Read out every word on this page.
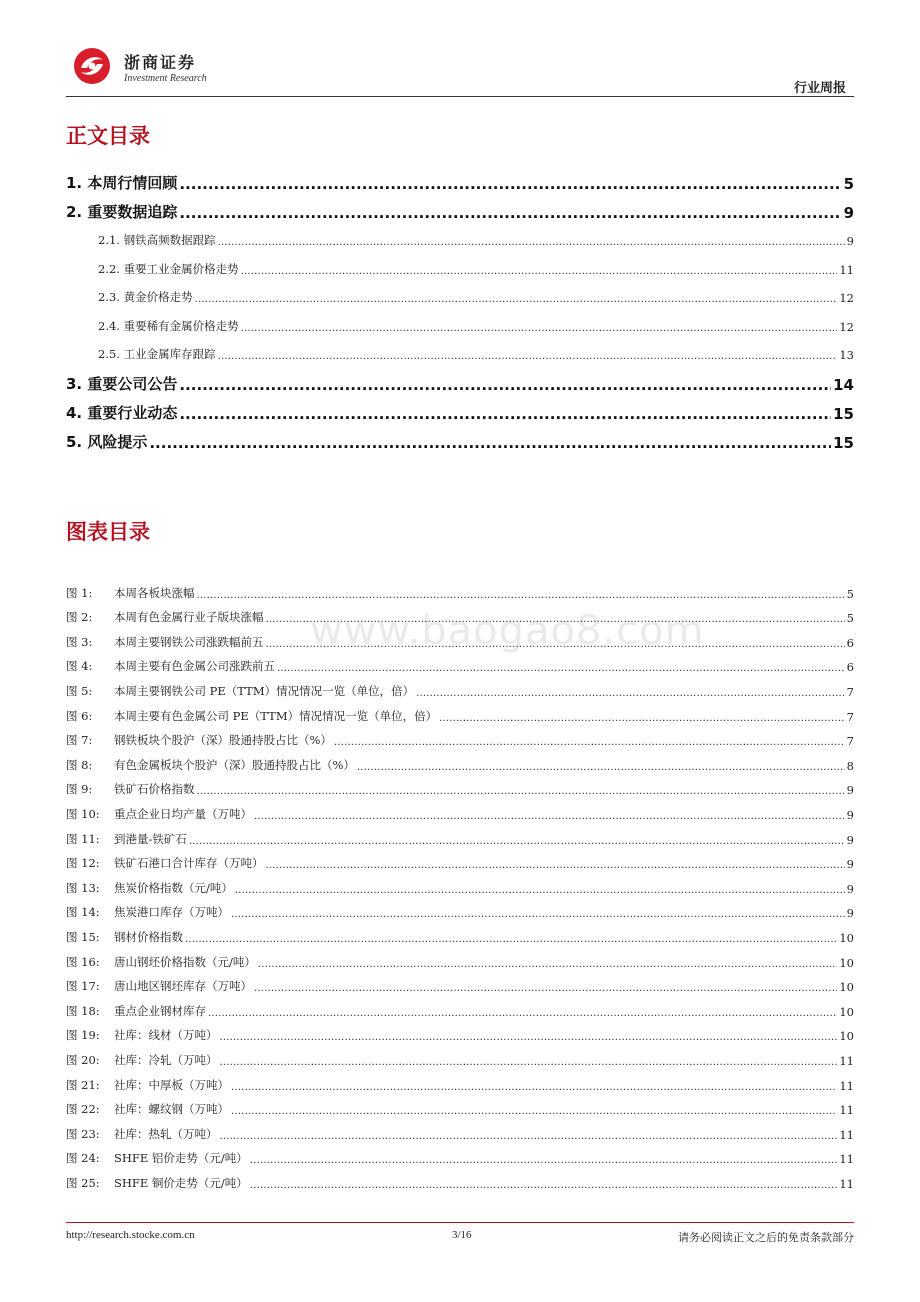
浙商证券
Investment Research
行业周报
www.baogao8.com
正文目录
1. 本周行情回顾 .....	5
2. 重要数据追踪 .....	9
2.1. 钢铁高频数据跟踪 .....	9
2.2. 重要工业金属价格走势 .....	11
2.3. 黄金价格走势 .....	12
2.4. 重要稀有金属价格走势 .....	12
2.5. 工业金属库存跟踪 .....	13
3. 重要公司公告 .....	14
4. 重要行业动态 .....	15
5. 风险提示 .....	15
图表目录
图 1: 本周各板块涨幅 .....	5
图 2: 本周有色金属行业子版块涨幅 .....	5
图 3: 本周主要钢铁公司涨跌幅前五 .....	6
图 4: 本周主要有色金属公司涨跌前五 .....	6
图 5: 本周主要钢铁公司 PE（TTM）情况情况一览（单位，倍） .....	7
图 6: 本周主要有色金属公司 PE（TTM）情况情况一览（单位，倍） .....	7
图 7: 钢铁板块个股沪（深）股通持股占比（%） .....	7
图 8: 有色金属板块个股沪（深）股通持股占比（%） .....	8
图 9: 铁矿石价格指数 .....	9
图 10: 重点企业日均产量（万吨） .....	9
图 11: 到港量-铁矿石 .....	9
图 12: 铁矿石港口合计库存（万吨） .....	9
图 13: 焦炭价格指数（元/吨） .....	9
图 14: 焦炭港口库存（万吨） .....	9
图 15: 钢材价格指数 .....	10
图 16: 唐山钢坯价格指数（元/吨） .....	10
图 17: 唐山地区钢坯库存（万吨） .....	10
图 18: 重点企业钢材库存 .....	10
图 19: 社库：线材（万吨） .....	10
图 20: 社库：冷轧（万吨） .....	11
图 21: 社库：中厚板（万吨） .....	11
图 22: 社库：螺纹钢（万吨） .....	11
图 23: 社库：热轧（万吨） .....	11
图 24: SHFE 铝价走势（元/吨） .....	11
图 25: SHFE 铜价走势（元/吨） .....	11
http://research.stocke.com.cn	3/16	请务必阅读正文之后的免责条款部分
